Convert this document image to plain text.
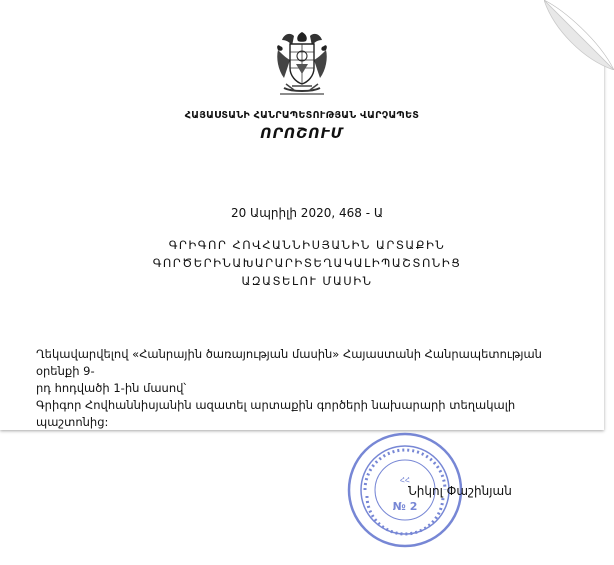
ՀԱՅԱՍՏԱՆԻ ՀԱՆՐԱՊԵՏՈՒԹՅԱՆ ՎԱՐՉԱՊԵՏ
ՈՐՈՇՈՒՄ
20 Ապրիլի 2020, 468 - Ա
ԳՐԻԳՈՐ ՀՈՎՀԱՆՆԻՍՅԱՆԻՆ ԱՐՏԱՔԻՆ ԳՈՐԾԵՐԻՆԱԽԱՐԱՐԻՏԵՂԱԿԱԼԻՊԱՇՏՈՆԻՑ
ԱԶԱՏԵԼՈՒ ՄԱՍԻՆ
Ղեկավարվելով «Հանրային ծառայության մասին» Հայաստանի Հանրապետության օրենքի 9-
րդ հոդվածի 1-ին մասով՝
Գրիգոր Հովհաննիսյանին ազատել արտաքին գործերի նախարարի տեղակալի պաշտոնից:
ՀՀ
№ 2
Նիկոլ Փաշինյան
